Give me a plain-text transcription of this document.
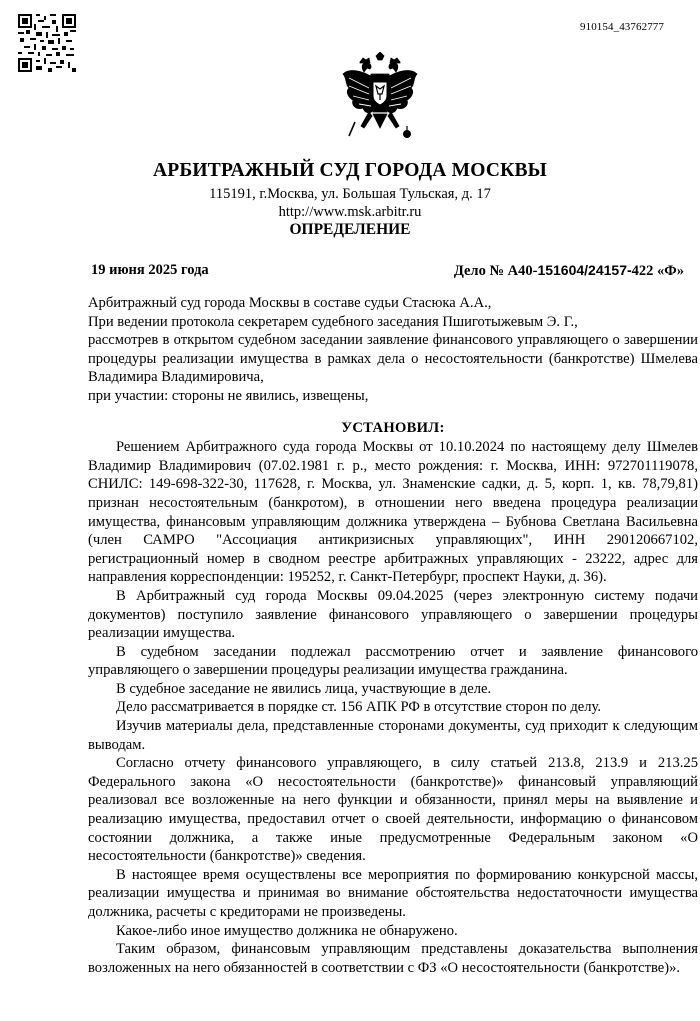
910154_43762777
АРБИТРАЖНЫЙ СУД ГОРОДА МОСКВЫ
115191, г.Москва, ул. Большая Тульская, д. 17
http://www.msk.arbitr.ru
ОПРЕДЕЛЕНИЕ
19 июня 2025 года	Дело № А40-151604/24157-422 «Ф»

Арбитражный суд города Москвы в составе судьи Стасюка А.А.,

При ведении протокола секретарем судебного заседания Пшиготыжевым Э. Г.,

рассмотрев в открытом судебном заседании заявление финансового управляющего о завершении процедуры реализации имущества в рамках дела о несостоятельности (банкротстве) Шмелева Владимира Владимировича,

при участии: стороны не явились, извещены,

УСТАНОВИЛ:

Решением Арбитражного суда города Москвы от 10.10.2024 по настоящему делу Шмелев Владимир Владимирович (07.02.1981 г. р., место рождения: г. Москва, ИНН: 972701119078, СНИЛС: 149-698-322-30, 117628, г. Москва, ул. Знаменские садки, д. 5, корп. 1, кв. 78,79,81) признан несостоятельным (банкротом), в отношении него введена процедура реализации имущества, финансовым управляющим должника утверждена – Бубнова Светлана Васильевна (член САМРО "Ассоциация антикризисных управляющих", ИНН 290120667102, регистрационный номер в сводном реестре арбитражных управляющих - 23222, адрес для направления корреспонденции: 195252, г. Санкт-Петербург, проспект Науки, д. 36).

В Арбитражный суд города Москвы 09.04.2025 (через электронную систему подачи документов) поступило заявление финансового управляющего о завершении процедуры реализации имущества.

В судебном заседании подлежал рассмотрению отчет и заявление финансового управляющего о завершении процедуры реализации имущества гражданина.

В судебное заседание не явились лица, участвующие в деле.

Дело рассматривается в порядке ст. 156 АПК РФ в отсутствие сторон по делу.

Изучив материалы дела, представленные сторонами документы, суд приходит к следующим выводам.

Согласно отчету финансового управляющего, в силу статьей 213.8, 213.9 и 213.25 Федерального закона «О несостоятельности (банкротстве)» финансовый управляющий реализовал все возложенные на него функции и обязанности, принял меры на выявление и реализацию имущества, предоставил отчет о своей деятельности, информацию о финансовом состоянии должника, а также иные предусмотренные Федеральным законом «О несостоятельности (банкротстве)» сведения.

В настоящее время осуществлены все мероприятия по формированию конкурсной массы, реализации имущества и принимая во внимание обстоятельства недостаточности имущества должника, расчеты с кредиторами не произведены.

Какое-либо иное имущество должника не обнаружено.

Таким образом, финансовым управляющим представлены доказательства выполнения возложенных на него обязанностей в соответствии с ФЗ «О несостоятельности (банкротстве)».
